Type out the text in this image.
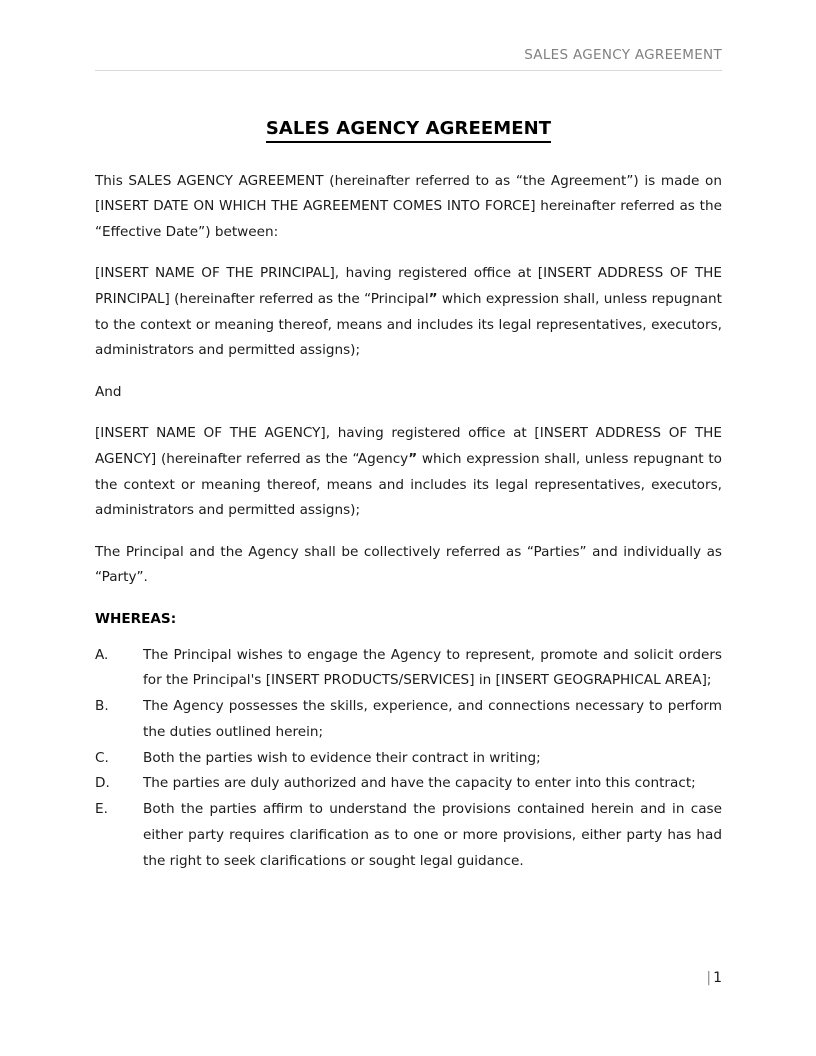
SALES AGENCY AGREEMENT
SALES AGENCY AGREEMENT

This SALES AGENCY AGREEMENT (hereinafter referred to as “the Agreement”) is made on [INSERT DATE ON WHICH THE AGREEMENT COMES INTO FORCE] hereinafter referred as the “Effective Date”) between:

[INSERT NAME OF THE PRINCIPAL], having registered office at [INSERT ADDRESS OF THE PRINCIPAL] (hereinafter referred as the “Principal” which expression shall, unless repugnant to the context or meaning thereof, means and includes its legal representatives, executors, administrators and permitted assigns);

And

[INSERT NAME OF THE AGENCY], having registered office at [INSERT ADDRESS OF THE AGENCY] (hereinafter referred as the “Agency” which expression shall, unless repugnant to the context or meaning thereof, means and includes its legal representatives, executors, administrators and permitted assigns);

The Principal and the Agency shall be collectively referred as “Parties” and individually as “Party”.

WHEREAS:
A.	The Principal wishes to engage the Agency to represent, promote and solicit orders for the Principal's [INSERT PRODUCTS/SERVICES] in [INSERT GEOGRAPHICAL AREA];
B.	The Agency possesses the skills, experience, and connections necessary to perform the duties outlined herein;
C.	Both the parties wish to evidence their contract in writing;
D.	The parties are duly authorized and have the capacity to enter into this contract;
E.	Both the parties affirm to understand the provisions contained herein and in case either party requires clarification as to one or more provisions, either party has had the right to seek clarifications or sought legal guidance.
| 1
